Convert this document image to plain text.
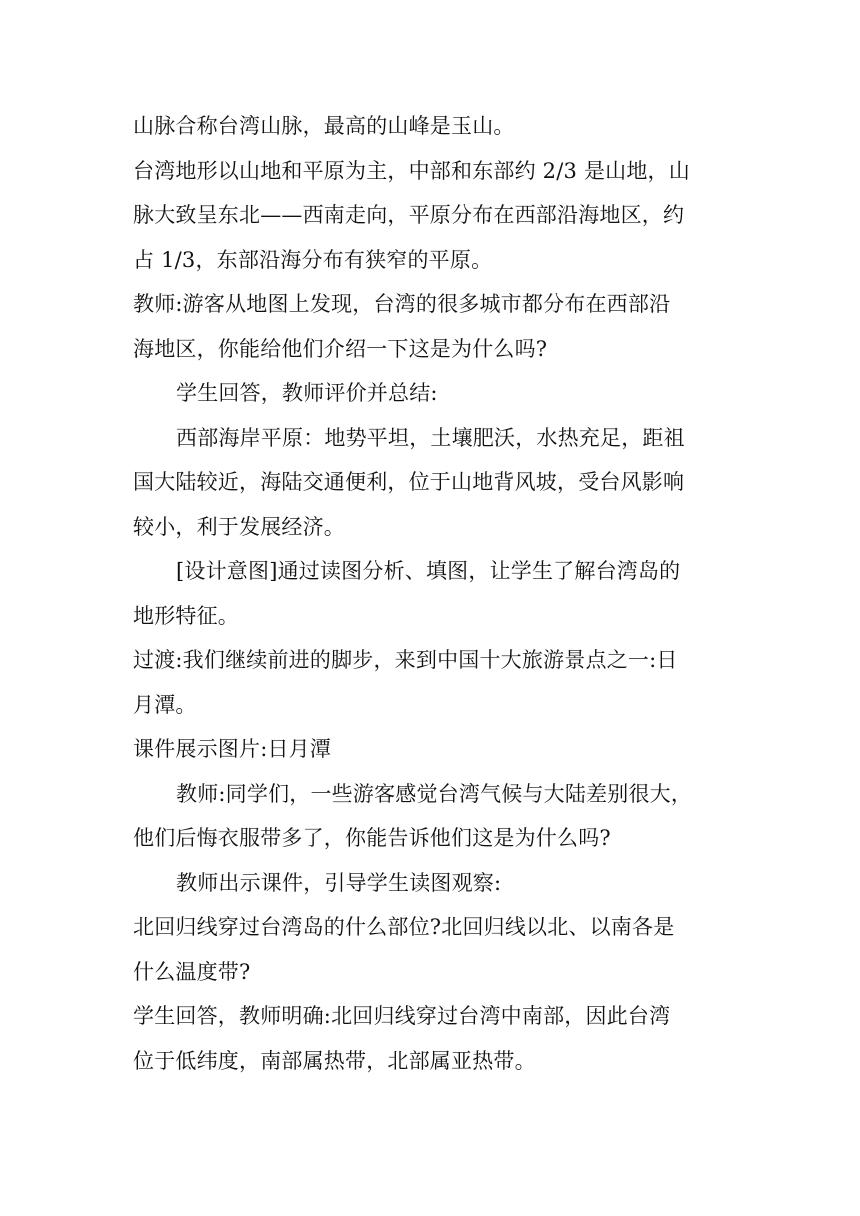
山脉合称台湾山脉，最高的山峰是玉山。
台湾地形以山地和平原为主，中部和东部约 2/3 是山地，山
脉大致呈东北——西南走向，平原分布在西部沿海地区，约
占 1/3，东部沿海分布有狭窄的平原。
教师:游客从地图上发现，台湾的很多城市都分布在西部沿
海地区，你能给他们介绍一下这是为什么吗?
学生回答，教师评价并总结:
西部海岸平原：地势平坦，土壤肥沃，水热充足，距祖
国大陆较近，海陆交通便利，位于山地背风坡，受台风影响
较小，利于发展经济。
[设计意图]通过读图分析、填图，让学生了解台湾岛的
地形特征。
过渡:我们继续前进的脚步，来到中国十大旅游景点之一:日
月潭。
课件展示图片:日月潭
教师:同学们，一些游客感觉台湾气候与大陆差别很大，
他们后悔衣服带多了，你能告诉他们这是为什么吗?
教师出示课件，引导学生读图观察:
北回归线穿过台湾岛的什么部位?北回归线以北、以南各是
什么温度带?
学生回答，教师明确:北回归线穿过台湾中南部，因此台湾
位于低纬度，南部属热带，北部属亚热带。
